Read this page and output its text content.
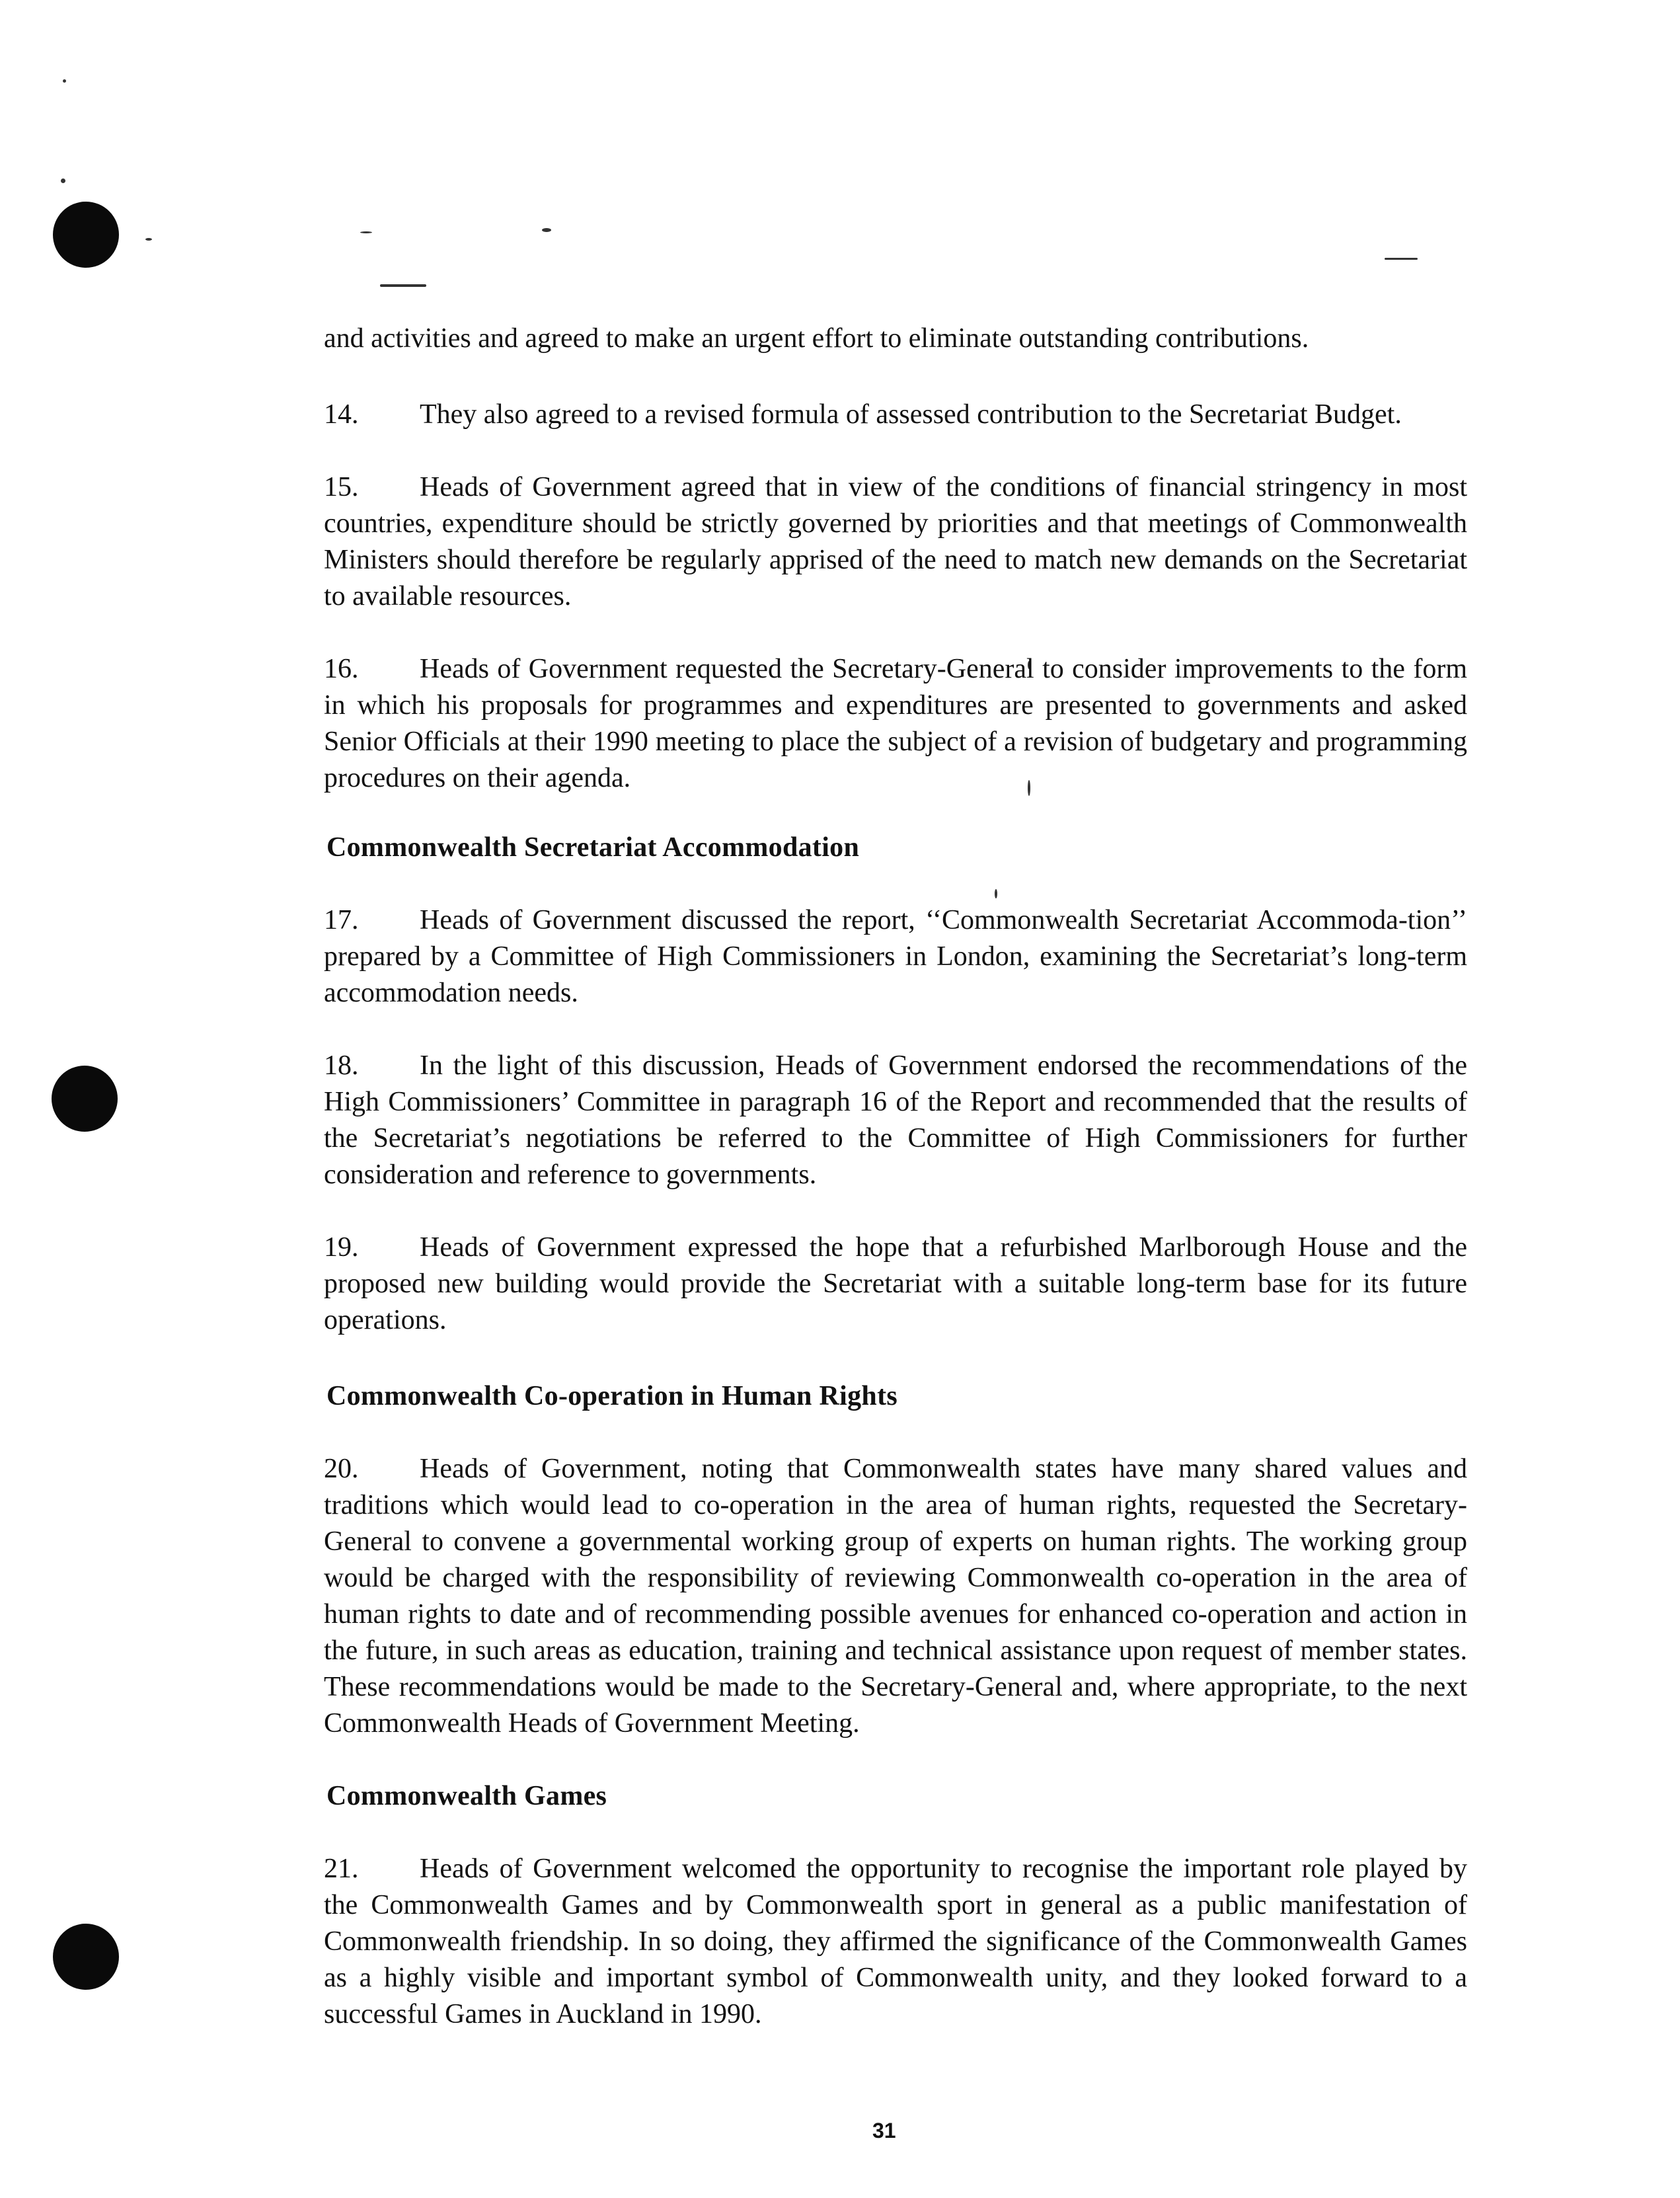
and activities and agreed to make an urgent effort to eliminate outstanding contributions.

14. They also agreed to a revised formula of assessed contribution to the Secretariat Budget.

15. Heads of Government agreed that in view of the conditions of financial stringency in most countries, expenditure should be strictly governed by priorities and that meetings of Commonwealth Ministers should therefore be regularly apprised of the need to match new demands on the Secretariat to available resources.

16. Heads of Government requested the Secretary-General to consider improvements to the form in which his proposals for programmes and expenditures are presented to governments and asked Senior Officials at their 1990 meeting to place the subject of a revision of budgetary and programming procedures on their agenda.

Commonwealth Secretariat Accommodation

17. Heads of Government discussed the report, ‘‘Commonwealth Secretariat Accommoda-tion’’ prepared by a Committee of High Commissioners in London, examining the Secretariat’s long-term accommodation needs.

18. In the light of this discussion, Heads of Government endorsed the recommendations of the High Commissioners’ Committee in paragraph 16 of the Report and recommended that the results of the Secretariat’s negotiations be referred to the Committee of High Commissioners for further consideration and reference to governments.

19. Heads of Government expressed the hope that a refurbished Marlborough House and the proposed new building would provide the Secretariat with a suitable long-term base for its future operations.

Commonwealth Co-operation in Human Rights

20. Heads of Government, noting that Commonwealth states have many shared values and traditions which would lead to co-operation in the area of human rights, requested the Secretary-General to convene a governmental working group of experts on human rights. The working group would be charged with the responsibility of reviewing Commonwealth co-operation in the area of human rights to date and of recommending possible avenues for enhanced co-operation and action in the future, in such areas as education, training and technical assistance upon request of member states. These recommendations would be made to the Secretary-General and, where appropriate, to the next Commonwealth Heads of Government Meeting.

Commonwealth Games

21. Heads of Government welcomed the opportunity to recognise the important role played by the Commonwealth Games and by Commonwealth sport in general as a public manifestation of Commonwealth friendship. In so doing, they affirmed the significance of the Commonwealth Games as a highly visible and important symbol of Commonwealth unity, and they looked forward to a successful Games in Auckland in 1990.

31
